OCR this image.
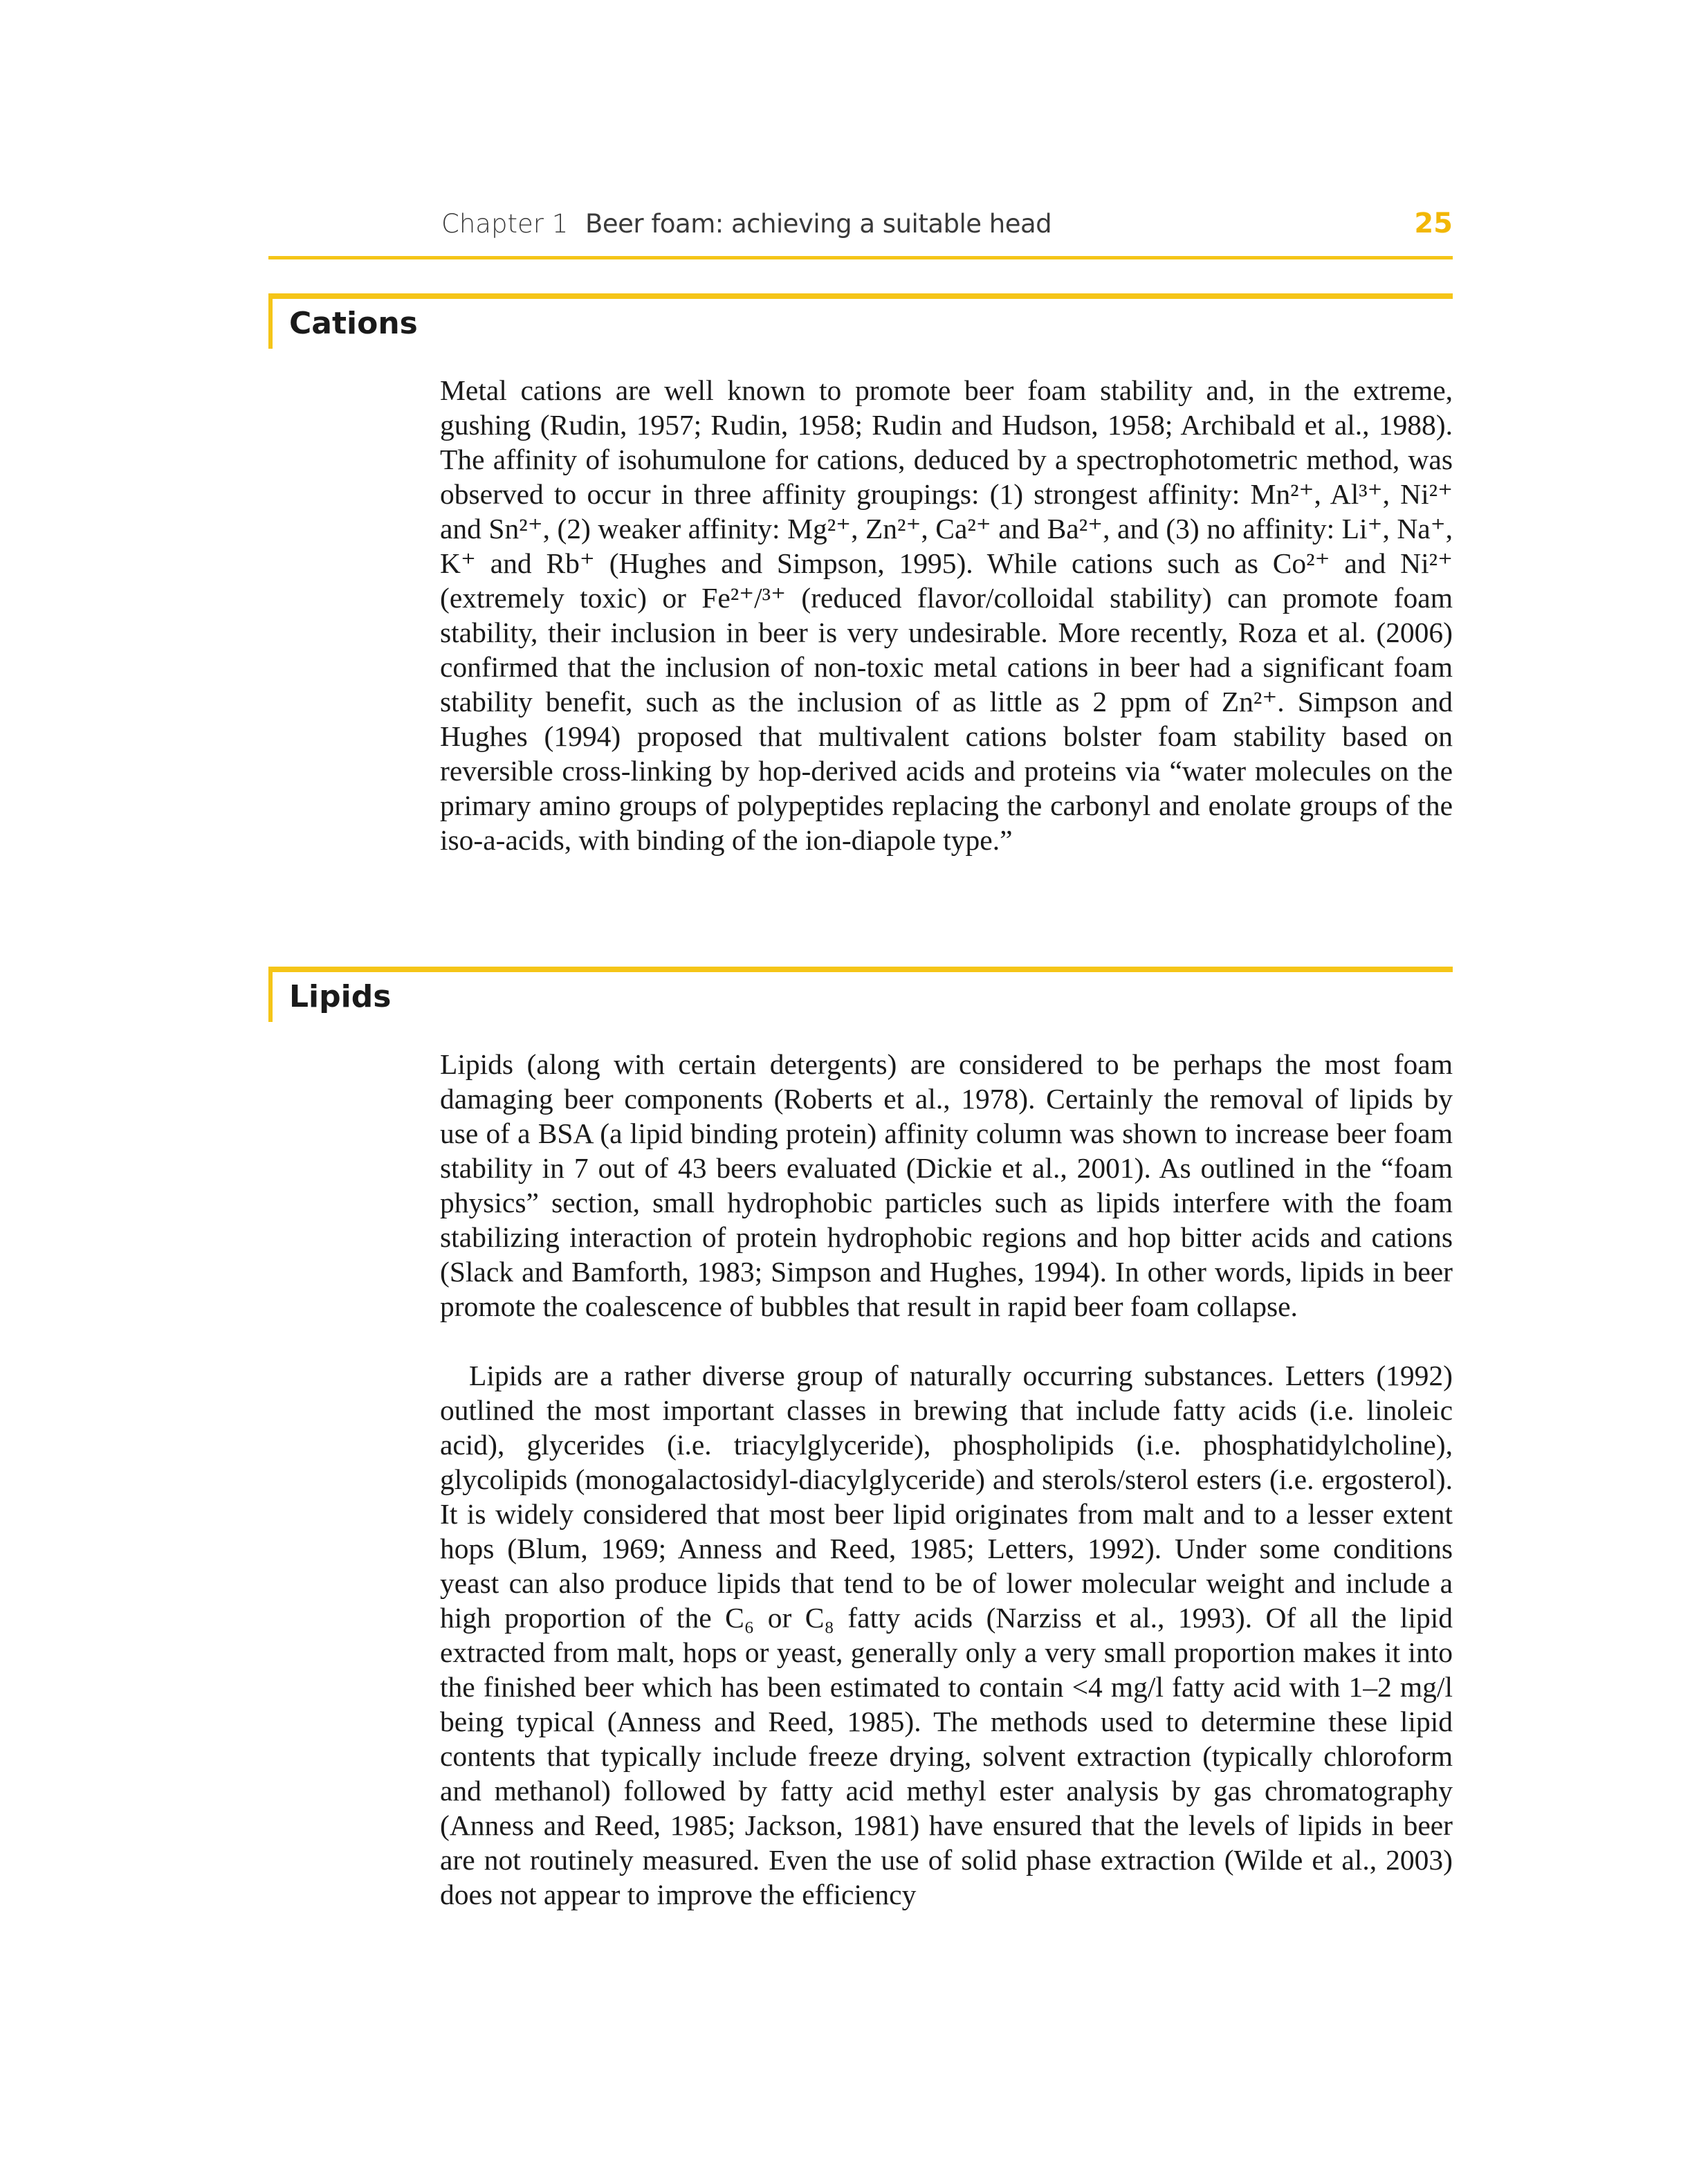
Chapter 1 Beer foam: achieving a suitable head	25
Cations

Metal cations are well known to promote beer foam stability and, in the extreme, gushing (Rudin, 1957; Rudin, 1958; Rudin and Hudson, 1958; Archibald et al., 1988). The affinity of isohumulone for cations, deduced by a spectrophotometric method, was observed to occur in three affinity groupings: (1) strongest affinity: Mn²⁺, Al³⁺, Ni²⁺ and Sn²⁺, (2) weaker affinity: Mg²⁺, Zn²⁺, Ca²⁺ and Ba²⁺, and (3) no affinity: Li⁺, Na⁺, K⁺ and Rb⁺ (Hughes and Simpson, 1995). While cations such as Co²⁺ and Ni²⁺ (extremely toxic) or Fe²⁺/³⁺ (reduced flavor/colloidal stability) can promote foam stability, their inclusion in beer is very undesirable. More recently, Roza et al. (2006) confirmed that the inclusion of non-toxic metal cations in beer had a significant foam stability benefit, such as the inclusion of as little as 2 ppm of Zn²⁺. Simpson and Hughes (1994) proposed that multivalent cations bolster foam stability based on reversible cross-linking by hop-derived acids and proteins via “water molecules on the primary amino groups of polypeptides replacing the carbonyl and enolate groups of the iso-a-acids, with binding of the ion-diapole type.”

Lipids

Lipids (along with certain detergents) are considered to be perhaps the most foam damaging beer components (Roberts et al., 1978). Certainly the removal of lipids by use of a BSA (a lipid binding protein) affinity column was shown to increase beer foam stability in 7 out of 43 beers evaluated (Dickie et al., 2001). As outlined in the “foam physics” section, small hydrophobic particles such as lipids interfere with the foam stabilizing interaction of protein hydrophobic regions and hop bitter acids and cations (Slack and Bamforth, 1983; Simpson and Hughes, 1994). In other words, lipids in beer promote the coalescence of bubbles that result in rapid beer foam collapse.

Lipids are a rather diverse group of naturally occurring substances. Letters (1992) outlined the most important classes in brewing that include fatty acids (i.e. linoleic acid), glycerides (i.e. triacylglyceride), phospholipids (i.e. phosphatidylcholine), glycolipids (monogalactosidyl-diacylglyceride) and sterols/sterol esters (i.e. ergosterol). It is widely considered that most beer lipid originates from malt and to a lesser extent hops (Blum, 1969; Anness and Reed, 1985; Letters, 1992). Under some conditions yeast can also produce lipids that tend to be of lower molecular weight and include a high proportion of the C₆ or C₈ fatty acids (Narziss et al., 1993). Of all the lipid extracted from malt, hops or yeast, generally only a very small proportion makes it into the finished beer which has been estimated to contain <4 mg/l fatty acid with 1–2 mg/l being typical (Anness and Reed, 1985). The methods used to determine these lipid contents that typically include freeze drying, solvent extraction (typically chloroform and methanol) followed by fatty acid methyl ester analysis by gas chromatography (Anness and Reed, 1985; Jackson, 1981) have ensured that the levels of lipids in beer are not routinely measured. Even the use of solid phase extraction (Wilde et al., 2003) does not appear to improve the efficiency
